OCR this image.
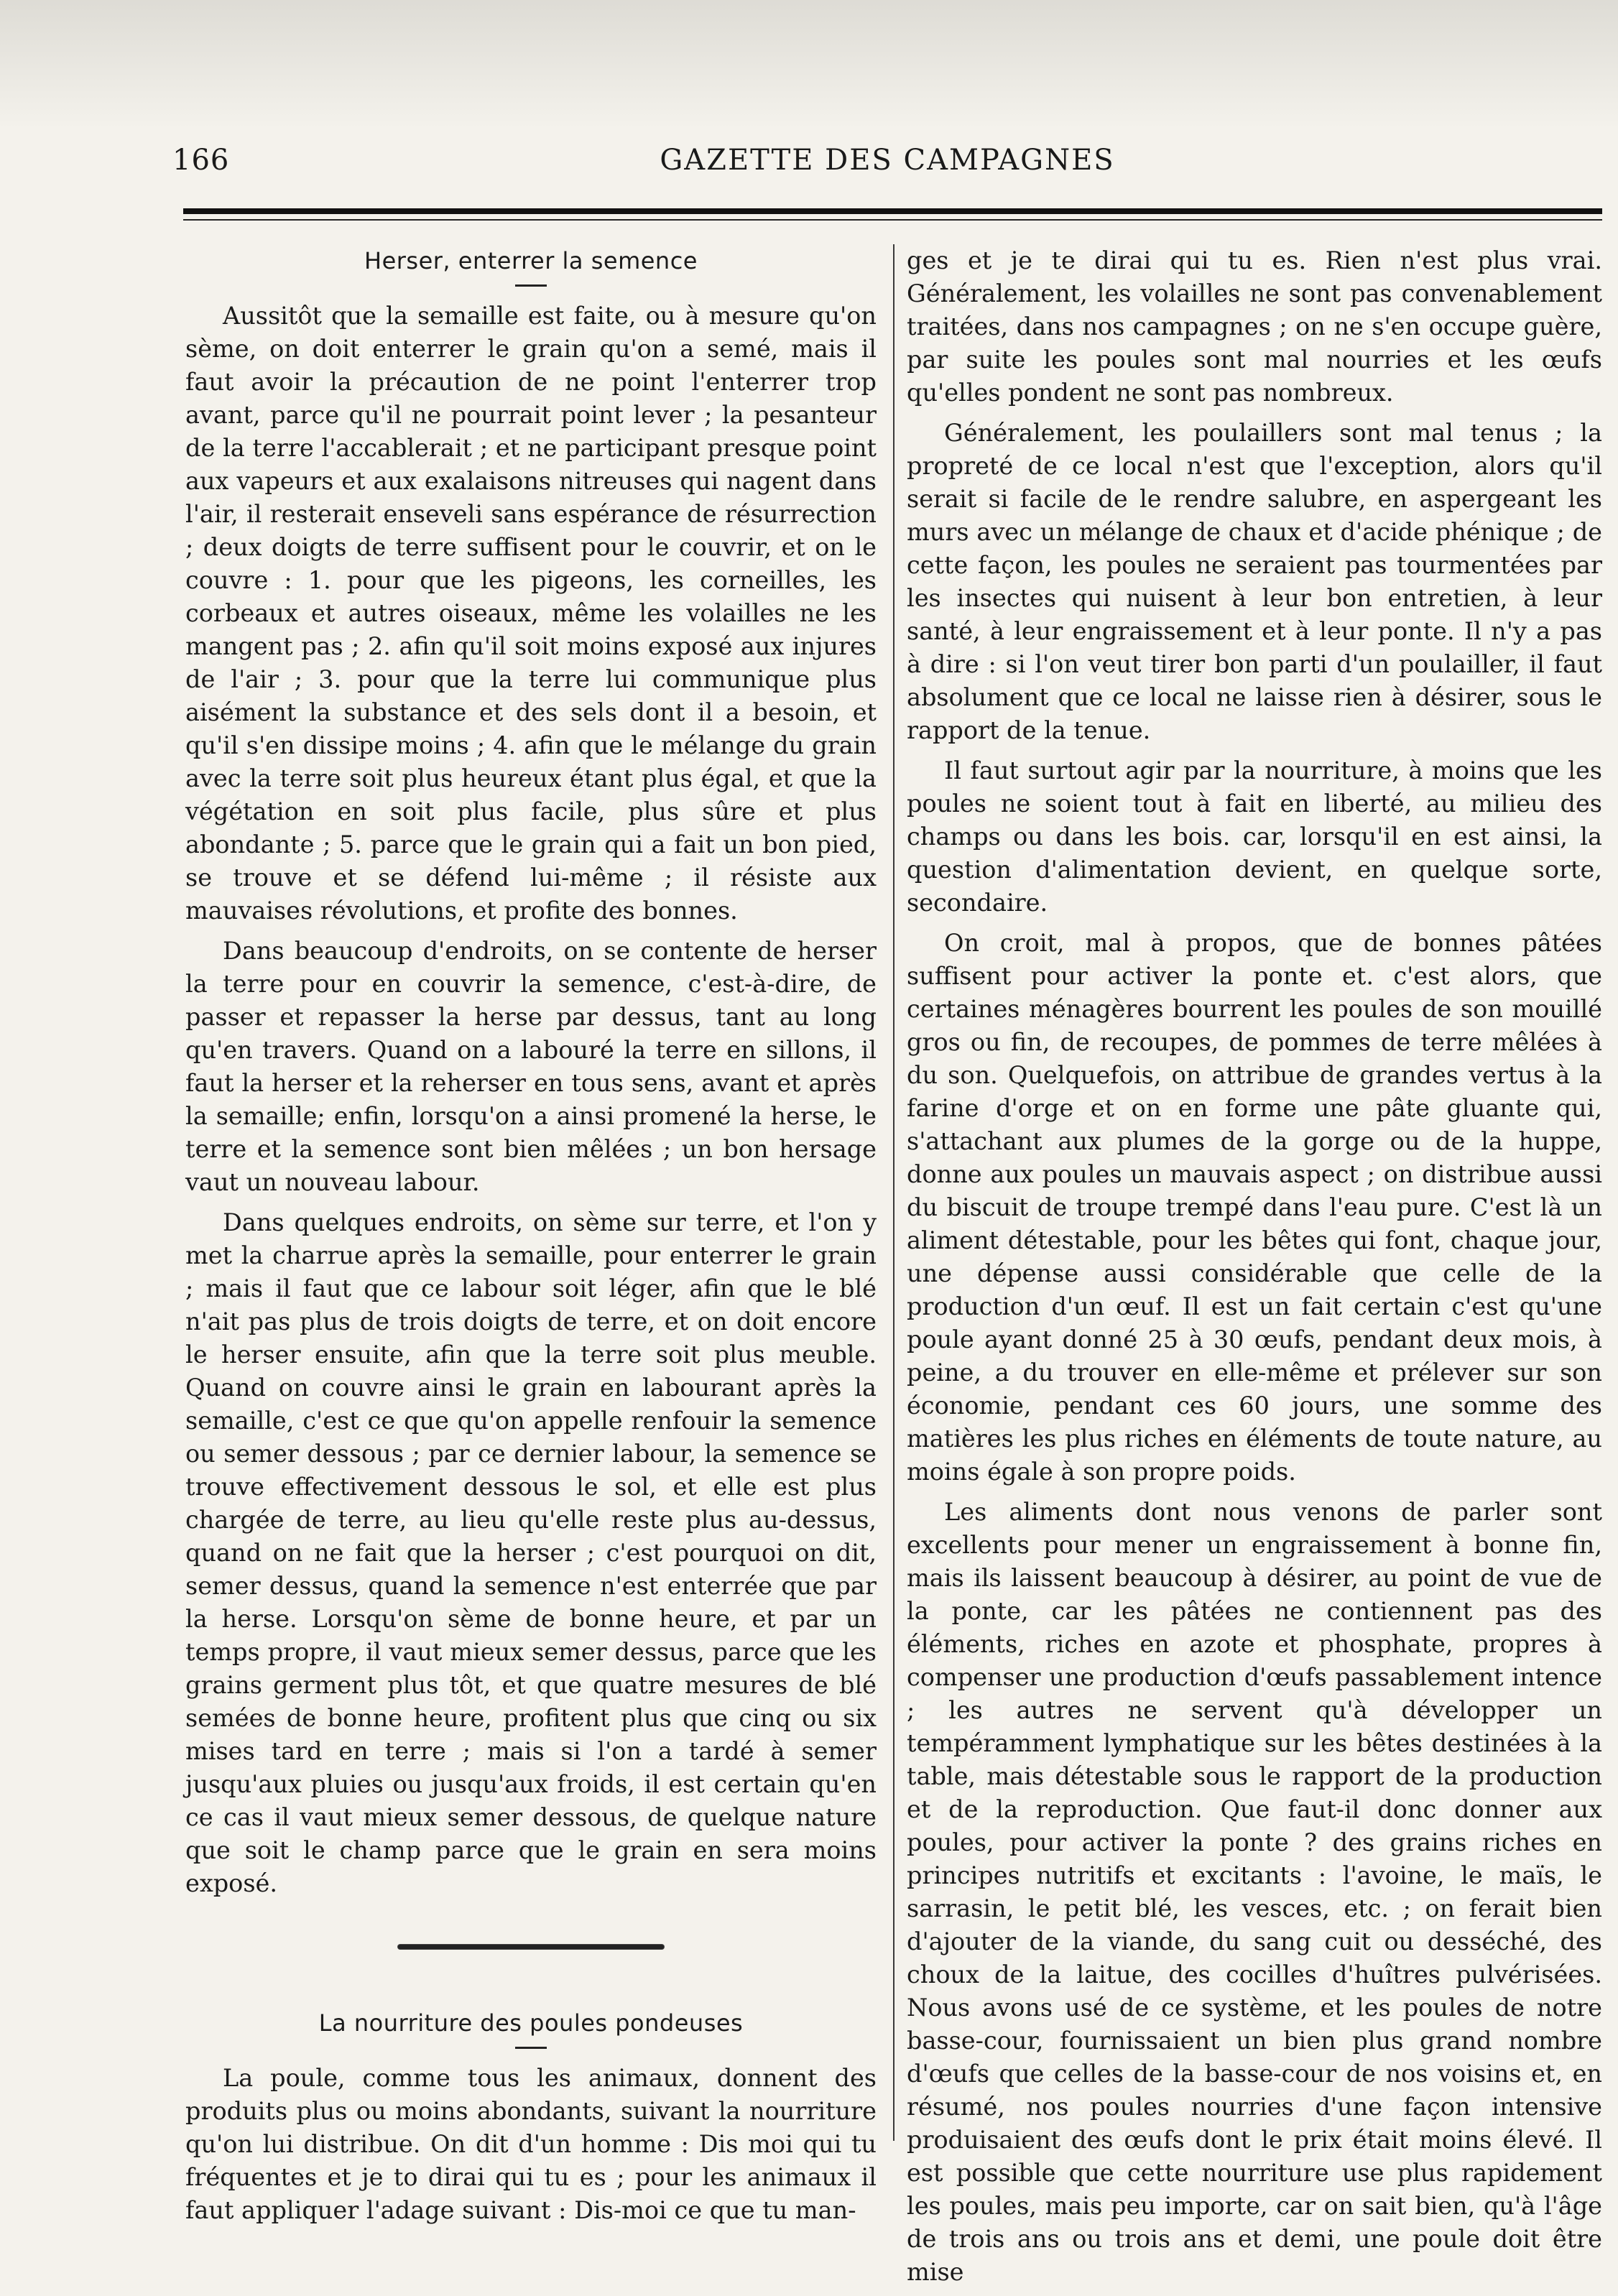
166	GAZETTE DES CAMPAGNES
Herser, enterrer la semence

Aussitôt que la semaille est faite, ou à mesure qu'on sème, on doit enterrer le grain qu'on a semé, mais il faut avoir la précaution de ne point l'enterrer trop avant, parce qu'il ne pourrait point lever ; la pesanteur de la terre l'accablerait ; et ne participant presque point aux vapeurs et aux exalaisons nitreuses qui nagent dans l'air, il resterait enseveli sans espérance de résurrection ; deux doigts de terre suffisent pour le couvrir, et on le couvre : 1. pour que les pigeons, les corneilles, les corbeaux et autres oiseaux, même les volailles ne les mangent pas ; 2. afin qu'il soit moins exposé aux injures de l'air ; 3. pour que la terre lui communique plus aisément la substance et des sels dont il a besoin, et qu'il s'en dissipe moins ; 4. afin que le mélange du grain avec la terre soit plus heureux étant plus égal, et que la végétation en soit plus facile, plus sûre et plus abondante ; 5. parce que le grain qui a fait un bon pied, se trouve et se défend lui-même ; il résiste aux mauvaises révolutions, et profite des bonnes.

Dans beaucoup d'endroits, on se contente de herser la terre pour en couvrir la semence, c'est-à-dire, de passer et repasser la herse par dessus, tant au long qu'en travers. Quand on a labouré la terre en sillons, il faut la herser et la reherser en tous sens, avant et après la semaille; enfin, lorsqu'on a ainsi promené la herse, le terre et la semence sont bien mêlées ; un bon hersage vaut un nouveau labour.

Dans quelques endroits, on sème sur terre, et l'on y met la charrue après la semaille, pour enterrer le grain ; mais il faut que ce labour soit léger, afin que le blé n'ait pas plus de trois doigts de terre, et on doit encore le herser ensuite, afin que la terre soit plus meuble. Quand on couvre ainsi le grain en labourant après la semaille, c'est ce que qu'on appelle renfouir la semence ou semer dessous ; par ce dernier labour, la semence se trouve effectivement dessous le sol, et elle est plus chargée de terre, au lieu qu'elle reste plus au-dessus, quand on ne fait que la herser ; c'est pourquoi on dit, semer dessus, quand la semence n'est enterrée que par la herse. Lorsqu'on sème de bonne heure, et par un temps propre, il vaut mieux semer dessus, parce que les grains germent plus tôt, et que quatre mesures de blé semées de bonne heure, profitent plus que cinq ou six mises tard en terre ; mais si l'on a tardé à semer jusqu'aux pluies ou jusqu'aux froids, il est certain qu'en ce cas il vaut mieux semer dessous, de quelque nature que soit le champ parce que le grain en sera moins exposé.

La nourriture des poules pondeuses

La poule, comme tous les animaux, donnent des produits plus ou moins abondants, suivant la nourriture qu'on lui distribue. On dit d'un homme : Dis moi qui tu fréquentes et je to dirai qui tu es ; pour les animaux il faut appliquer l'adage suivant : Dis-moi ce que tu man-

ges et je te dirai qui tu es. Rien n'est plus vrai. Généralement, les volailles ne sont pas convenablement traitées, dans nos campagnes ; on ne s'en occupe guère, par suite les poules sont mal nourries et les œufs qu'elles pondent ne sont pas nombreux.

Généralement, les poulaillers sont mal tenus ; la propreté de ce local n'est que l'exception, alors qu'il serait si facile de le rendre salubre, en aspergeant les murs avec un mélange de chaux et d'acide phénique ; de cette façon, les poules ne seraient pas tourmentées par les insectes qui nuisent à leur bon entretien, à leur santé, à leur engraissement et à leur ponte. Il n'y a pas à dire : si l'on veut tirer bon parti d'un poulailler, il faut absolument que ce local ne laisse rien à désirer, sous le rapport de la tenue.

Il faut surtout agir par la nourriture, à moins que les poules ne soient tout à fait en liberté, au milieu des champs ou dans les bois. car, lorsqu'il en est ainsi, la question d'alimentation devient, en quelque sorte, secondaire.

On croit, mal à propos, que de bonnes pâtées suffisent pour activer la ponte et. c'est alors, que certaines ménagères bourrent les poules de son mouillé gros ou fin, de recoupes, de pommes de terre mêlées à du son. Quelquefois, on attribue de grandes vertus à la farine d'orge et on en forme une pâte gluante qui, s'attachant aux plumes de la gorge ou de la huppe, donne aux poules un mauvais aspect ; on distribue aussi du biscuit de troupe trempé dans l'eau pure. C'est là un aliment détestable, pour les bêtes qui font, chaque jour, une dépense aussi considérable que celle de la production d'un œuf. Il est un fait certain c'est qu'une poule ayant donné 25 à 30 œufs, pendant deux mois, à peine, a du trouver en elle-même et prélever sur son économie, pendant ces 60 jours, une somme des matières les plus riches en éléments de toute nature, au moins égale à son propre poids.

Les aliments dont nous venons de parler sont excellents pour mener un engraissement à bonne fin, mais ils laissent beaucoup à désirer, au point de vue de la ponte, car les pâtées ne contiennent pas des éléments, riches en azote et phosphate, propres à compenser une production d'œufs passablement intence ; les autres ne servent qu'à développer un tempéramment lymphatique sur les bêtes destinées à la table, mais détestable sous le rapport de la production et de la reproduction. Que faut-il donc donner aux poules, pour activer la ponte ? des grains riches en principes nutritifs et excitants : l'avoine, le maïs, le sarrasin, le petit blé, les vesces, etc. ; on ferait bien d'ajouter de la viande, du sang cuit ou desséché, des choux de la laitue, des cocilles d'huîtres pulvérisées. Nous avons usé de ce système, et les poules de notre basse-cour, fournissaient un bien plus grand nombre d'œufs que celles de la basse-cour de nos voisins et, en résumé, nos poules nourries d'une façon intensive produisaient des œufs dont le prix était moins élevé. Il est possible que cette nourriture use plus rapidement les poules, mais peu importe, car on sait bien, qu'à l'âge de trois ans ou trois ans et demi, une poule doit être mise
